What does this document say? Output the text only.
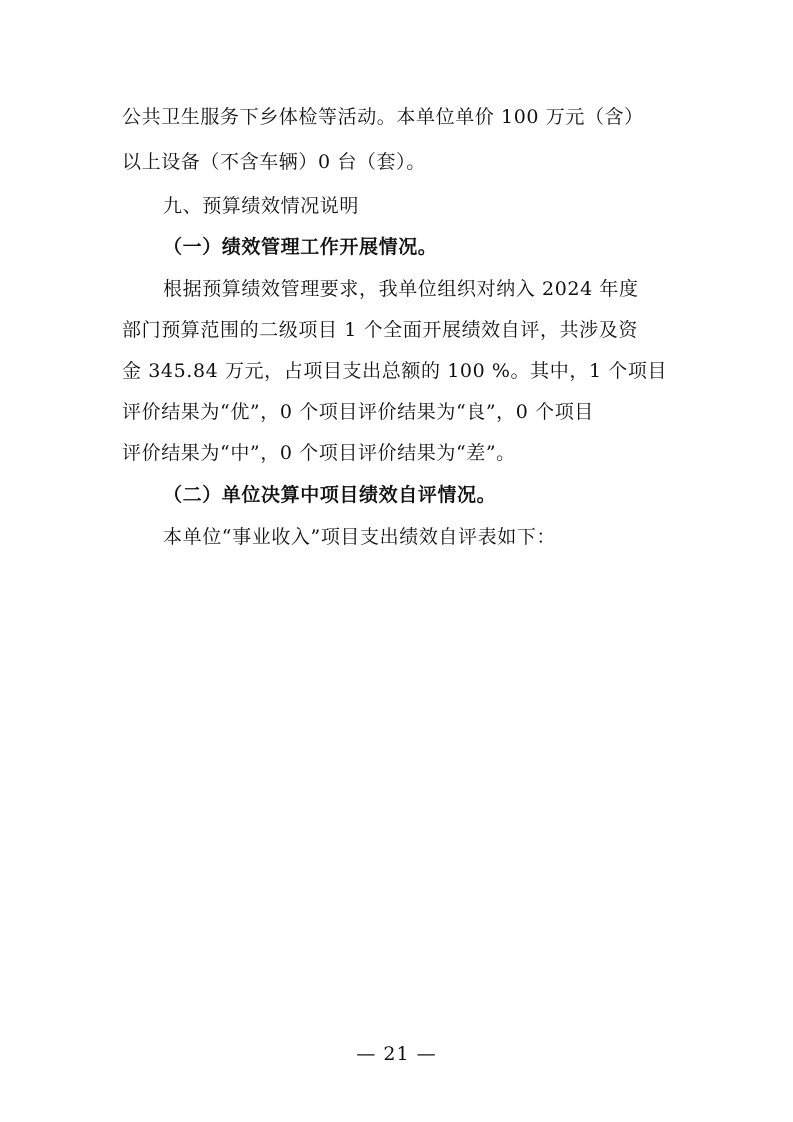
公共卫生服务下乡体检等活动。本单位单价 100 万元（含）
以上设备（不含车辆）0 台（套）。
九、预算绩效情况说明
（一）绩效管理工作开展情况。
根据预算绩效管理要求，我单位组织对纳入 2024 年度
部门预算范围的二级项目 1 个全面开展绩效自评，共涉及资
金 345.84 万元，占项目支出总额的 100 %。其中，1 个项目
评价结果为“优”，0 个项目评价结果为“良”，0 个项目
评价结果为“中”，0 个项目评价结果为“差”。
（二）单位决算中项目绩效自评情况。
本单位“事业收入”项目支出绩效自评表如下：
— 21 —
